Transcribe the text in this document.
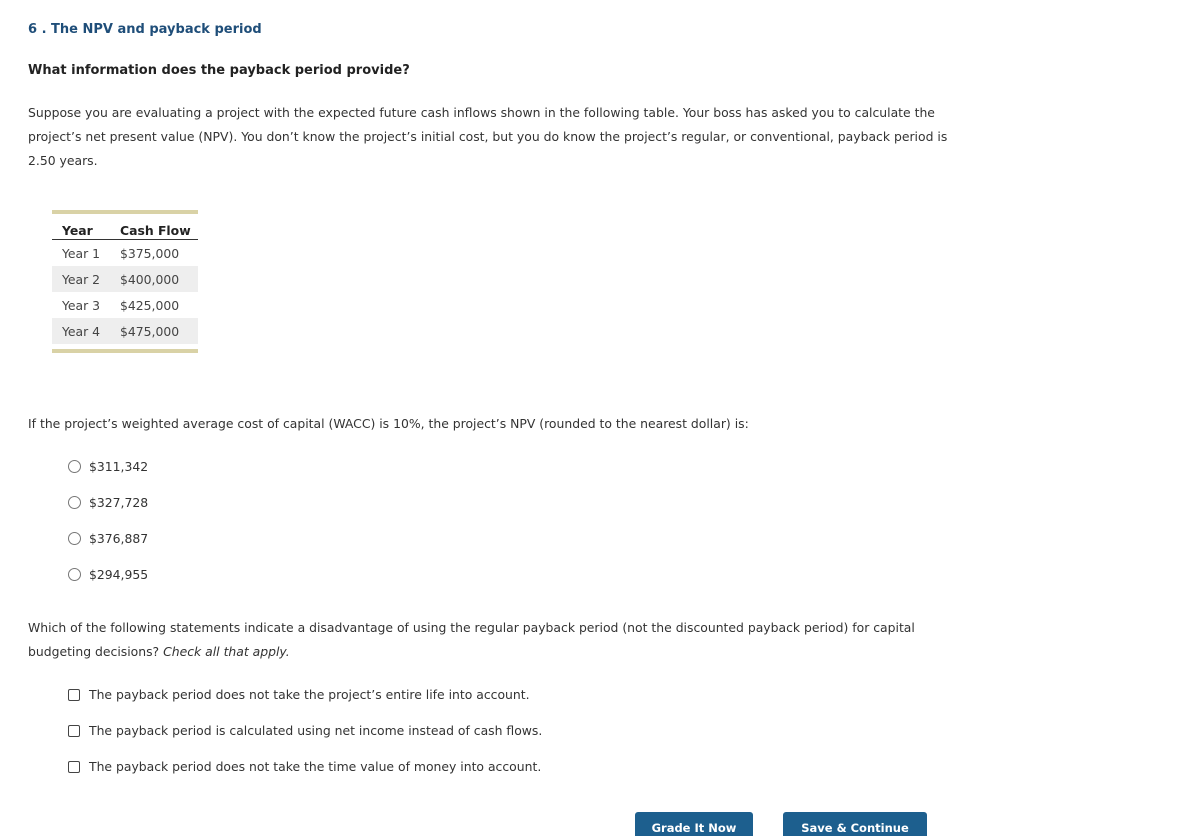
6 . The NPV and payback period
What information does the payback period provide?
Suppose you are evaluating a project with the expected future cash inflows shown in the following table. Your boss has asked you to calculate the project’s net present value (NPV). You don’t know the project’s initial cost, but you do know the project’s regular, or conventional, payback period is 2.50 years.

Year	Cash Flow
Year 1	$375,000
Year 2	$400,000
Year 3	$425,000
Year 4	$475,000

If the project’s weighted average cost of capital (WACC) is 10%, the project’s NPV (rounded to the nearest dollar) is:
$311,342
$327,728
$376,887
$294,955
Which of the following statements indicate a disadvantage of using the regular payback period (not the discounted payback period) for capital budgeting decisions? Check all that apply.
The payback period does not take the project’s entire life into account.
The payback period is calculated using net income instead of cash flows.
The payback period does not take the time value of money into account.
Grade It Now	Save & Continue
